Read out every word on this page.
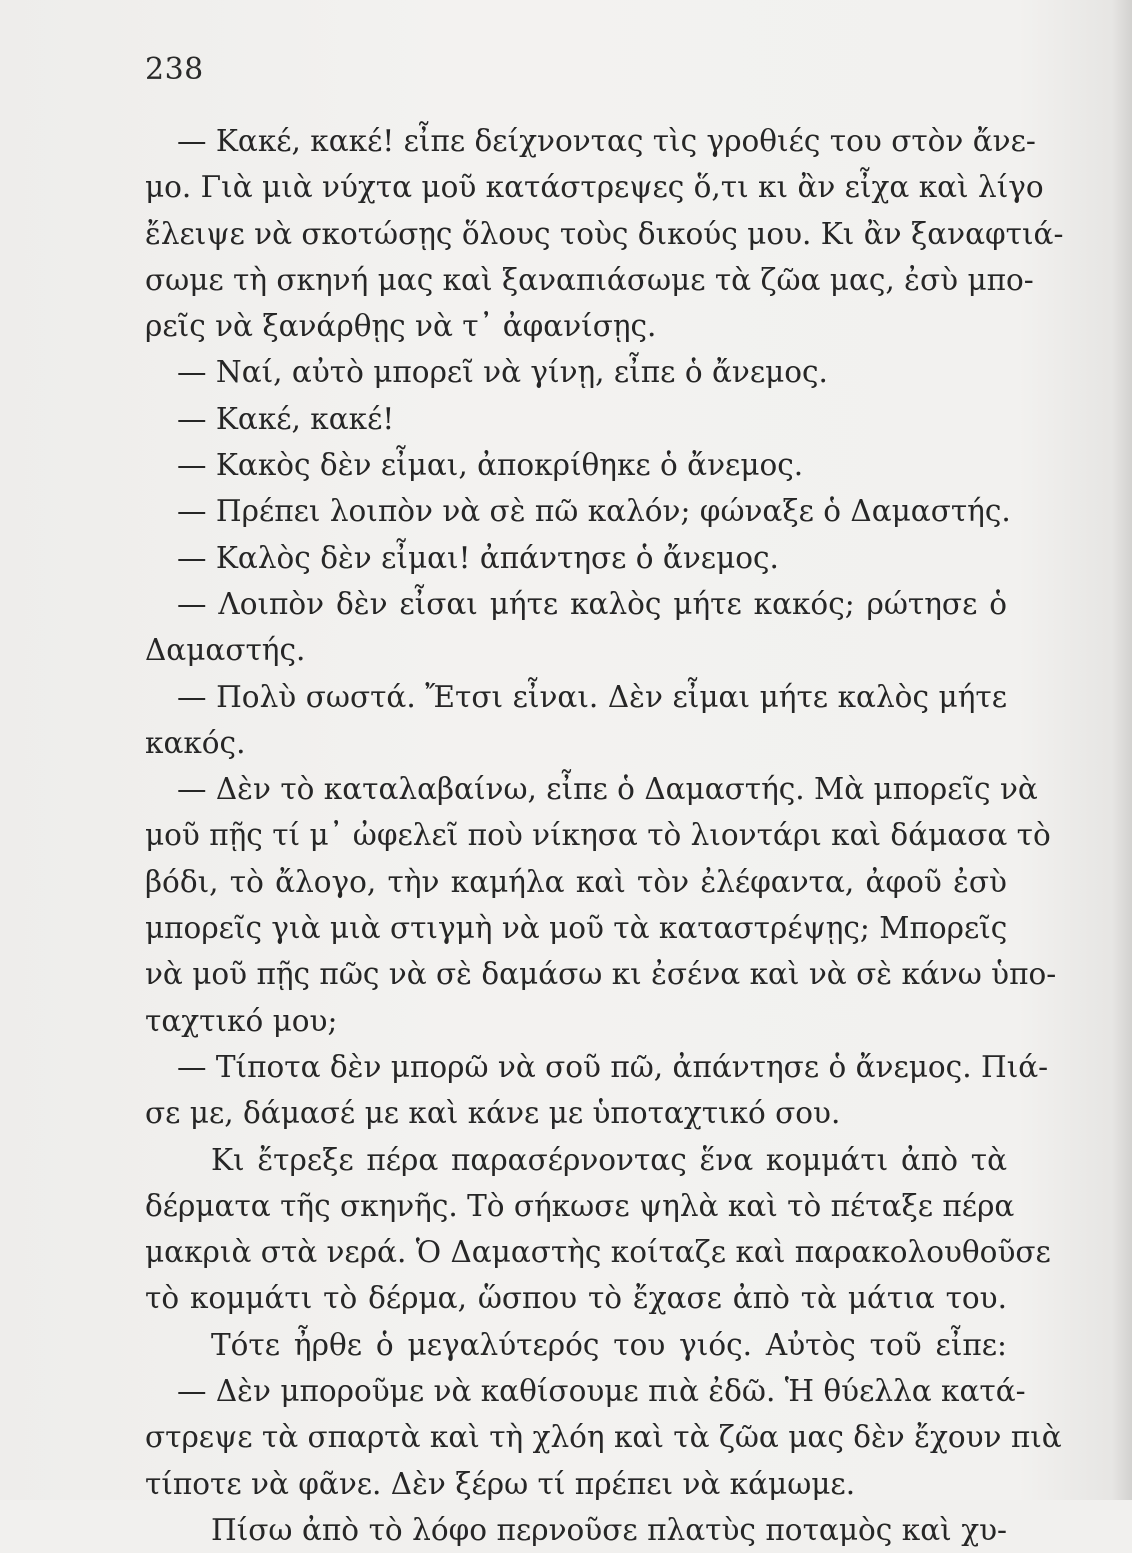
238
— Κακέ, κακέ! εἶπε δείχνοντας τὶς γροθιές του στὸν ἄνε-
μο. Γιὰ μιὰ νύχτα μοῦ κατάστρεψες ὅ,τι κι ἂν εἶχα καὶ λίγο
ἔλειψε νὰ σκοτώσῃς ὅλους τοὺς δικούς μου. Κι ἂν ξαναφτιά-
σωμε τὴ σκηνή μας καὶ ξαναπιάσωμε τὰ ζῶα μας, ἐσὺ μπο-
ρεῖς νὰ ξανάρθῃς νὰ τ᾽ ἀφανίσῃς.
— Ναί, αὐτὸ μπορεῖ νὰ γίνῃ, εἶπε ὁ ἄνεμος.
— Κακέ, κακέ!
— Κακὸς δὲν εἶμαι, ἀποκρίθηκε ὁ ἄνεμος.
— Πρέπει λοιπὸν νὰ σὲ πῶ καλόν; φώναξε ὁ Δαμαστής.
— Καλὸς δὲν εἶμαι! ἀπάντησε ὁ ἄνεμος.
— Λοιπὸν δὲν εἶσαι μήτε καλὸς μήτε κακός; ρώτησε ὁ
Δαμαστής.
— Πολὺ σωστά. Ἔτσι εἶναι. Δὲν εἶμαι μήτε καλὸς μήτε
κακός.
— Δὲν τὸ καταλαβαίνω, εἶπε ὁ Δαμαστής. Μὰ μπορεῖς νὰ
μοῦ πῇς τί μ᾽ ὠφελεῖ ποὺ νίκησα τὸ λιοντάρι καὶ δάμασα τὸ
βόδι, τὸ ἄλογο, τὴν καμήλα καὶ τὸν ἐλέφαντα, ἀφοῦ ἐσὺ
μπορεῖς γιὰ μιὰ στιγμὴ νὰ μοῦ τὰ καταστρέψῃς; Μπορεῖς
νὰ μοῦ πῇς πῶς νὰ σὲ δαμάσω κι ἐσένα καὶ νὰ σὲ κάνω ὑπο-
ταχτικό μου;
— Τίποτα δὲν μπορῶ νὰ σοῦ πῶ, ἀπάντησε ὁ ἄνεμος. Πιά-
σε με, δάμασέ με καὶ κάνε με ὑποταχτικό σου.
Κι ἔτρεξε πέρα παρασέρνοντας ἕνα κομμάτι ἀπὸ τὰ
δέρματα τῆς σκηνῆς. Τὸ σήκωσε ψηλὰ καὶ τὸ πέταξε πέρα
μακριὰ στὰ νερά. Ὁ Δαμαστὴς κοίταζε καὶ παρακολουθοῦσε
τὸ κομμάτι τὸ δέρμα, ὥσπου τὸ ἔχασε ἀπὸ τὰ μάτια του.
Τότε ἦρθε ὁ μεγαλύτερός του γιός. Αὐτὸς τοῦ εἶπε:
— Δὲν μποροῦμε νὰ καθίσουμε πιὰ ἐδῶ. Ἡ θύελλα κατά-
στρεψε τὰ σπαρτὰ καὶ τὴ χλόη καὶ τὰ ζῶα μας δὲν ἔχουν πιὰ
τίποτε νὰ φᾶνε. Δὲν ξέρω τί πρέπει νὰ κάμωμε.
Πίσω ἀπὸ τὸ λόφο περνοῦσε πλατὺς ποταμὸς καὶ χυ-
